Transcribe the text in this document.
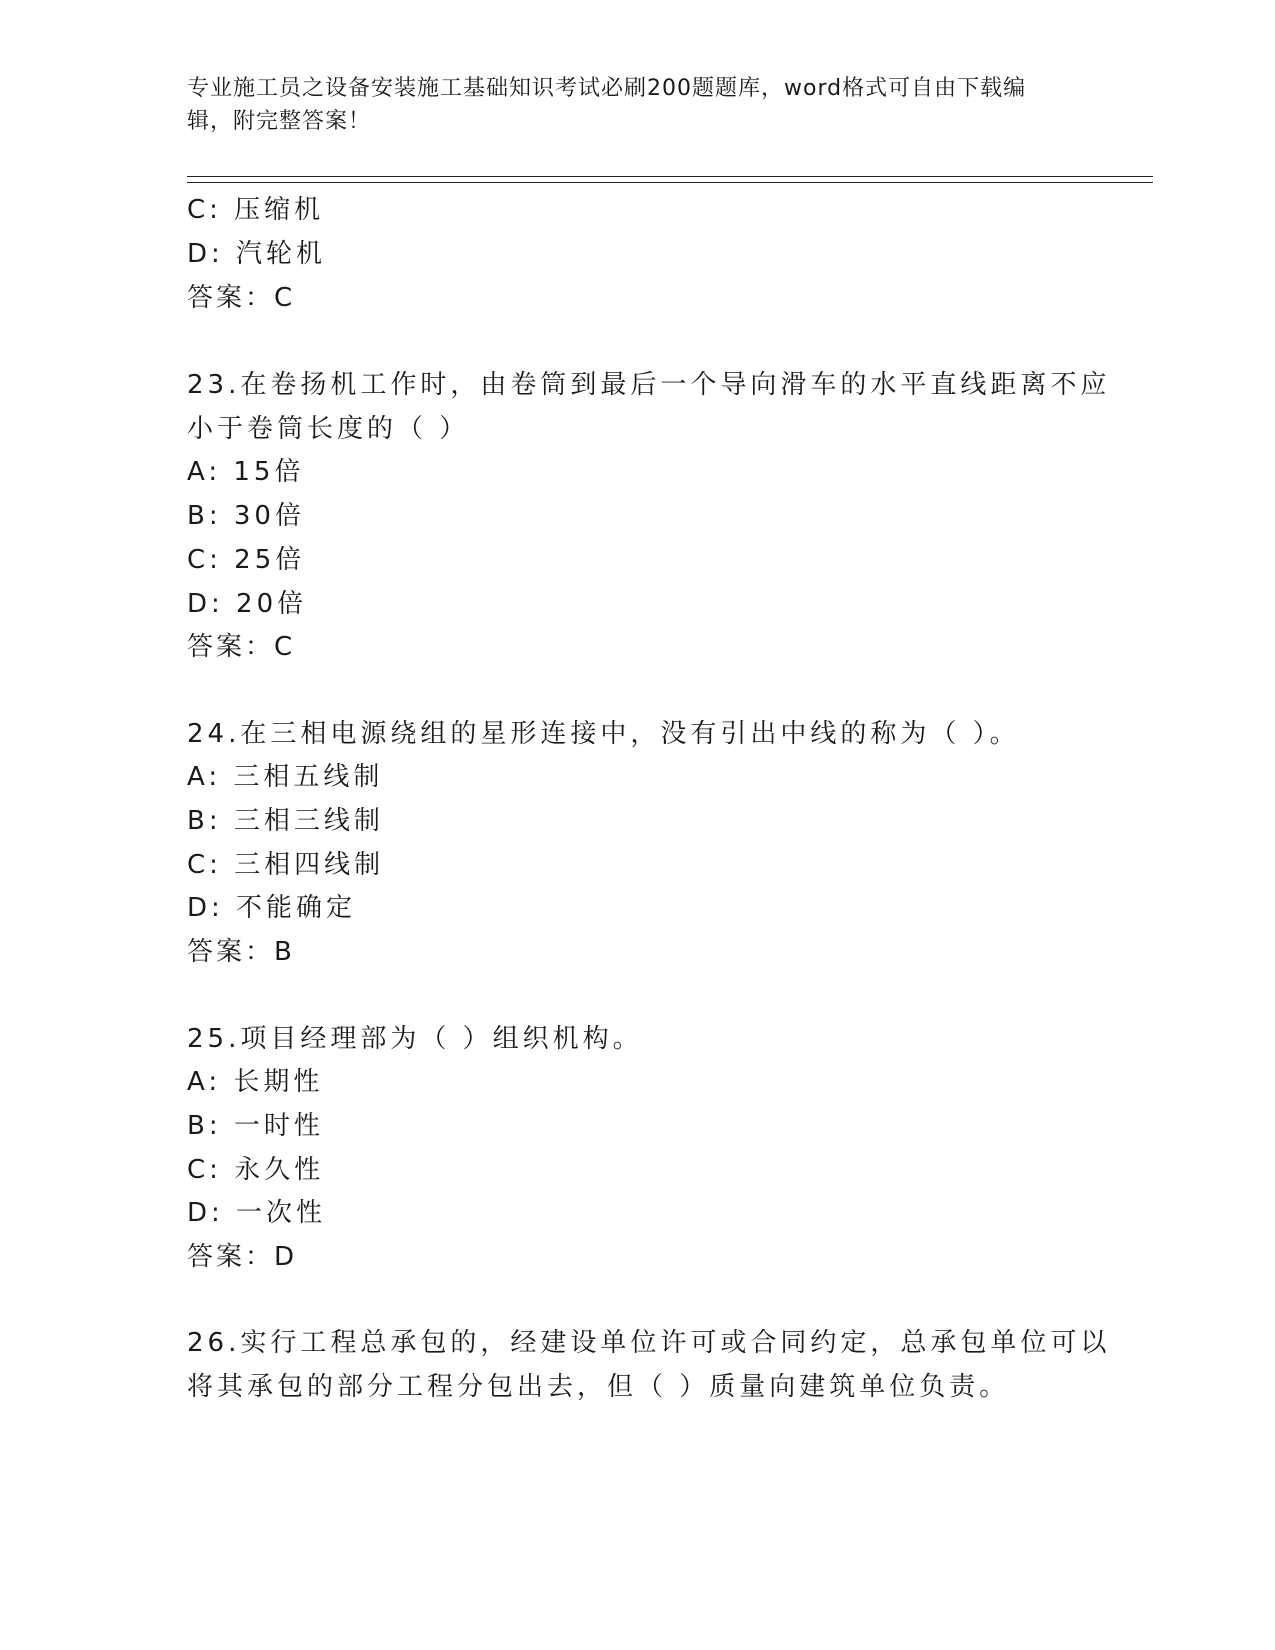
专业施工员之设备安装施工基础知识考试必刷200题题库，word格式可自由下载编辑，附完整答案！
C: 压缩机
D: 汽轮机
答案：C
23.在卷扬机工作时，由卷筒到最后一个导向滑车的水平直线距离不应
小于卷筒长度的（ ）
A: 15倍
B: 30倍
C: 25倍
D: 20倍
答案：C
24.在三相电源绕组的星形连接中，没有引出中线的称为（ ）。
A: 三相五线制
B: 三相三线制
C: 三相四线制
D: 不能确定
答案：B
25.项目经理部为（ ）组织机构。
A: 长期性
B: 一时性
C: 永久性
D: 一次性
答案：D
26.实行工程总承包的，经建设单位许可或合同约定，总承包单位可以
将其承包的部分工程分包出去，但（ ）质量向建筑单位负责。
